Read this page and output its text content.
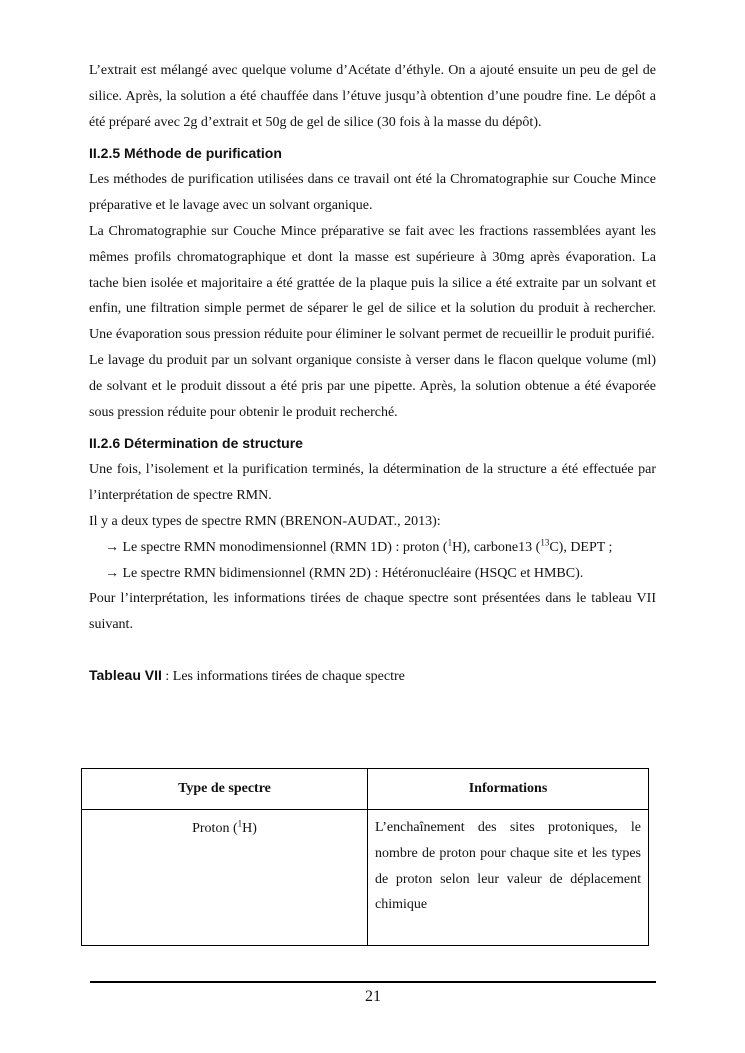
L’extrait est mélangé avec quelque volume d’Acétate d’éthyle. On a ajouté ensuite un peu de gel de silice. Après, la solution a été chauffée dans l’étuve jusqu’à obtention d’une poudre fine. Le dépôt a été préparé avec 2g d’extrait et 50g de gel de silice (30 fois à la masse du dépôt).

II.2.5 Méthode de purification

Les méthodes de purification utilisées dans ce travail ont été la Chromatographie sur Couche Mince préparative et le lavage avec un solvant organique.

La Chromatographie sur Couche Mince préparative se fait avec les fractions rassemblées ayant les mêmes profils chromatographique et dont la masse est supérieure à 30mg après évaporation. La tache bien isolée et majoritaire a été grattée de la plaque puis la silice a été extraite par un solvant et enfin, une filtration simple permet de séparer le gel de silice et la solution du produit à rechercher. Une évaporation sous pression réduite pour éliminer le solvant permet de recueillir le produit purifié.

Le lavage du produit par un solvant organique consiste à verser dans le flacon quelque volume (ml) de solvant et le produit dissout a été pris par une pipette. Après, la solution obtenue a été évaporée sous pression réduite pour obtenir le produit recherché.

II.2.6 Détermination de structure

Une fois, l’isolement et la purification terminés, la détermination de la structure a été effectuée par l’interprétation de spectre RMN.

Il y a deux types de spectre RMN (BRENON-AUDAT., 2013):

→ Le spectre RMN monodimensionnel (RMN 1D) : proton ($^1$H), carbone13 ($^{13}$C), DEPT ;

→ Le spectre RMN bidimensionnel (RMN 2D) : Hétéronucléaire (HSQC et HMBC).

Pour l’interprétation, les informations tirées de chaque spectre sont présentées dans le tableau VII suivant.

Tableau VII : Les informations tirées de chaque spectre

Type de spectre	Informations
Proton ($^1$H)	L’enchaînement des sites protoniques, le nombre de proton pour chaque site et les types de proton selon leur valeur de déplacement chimique
21
